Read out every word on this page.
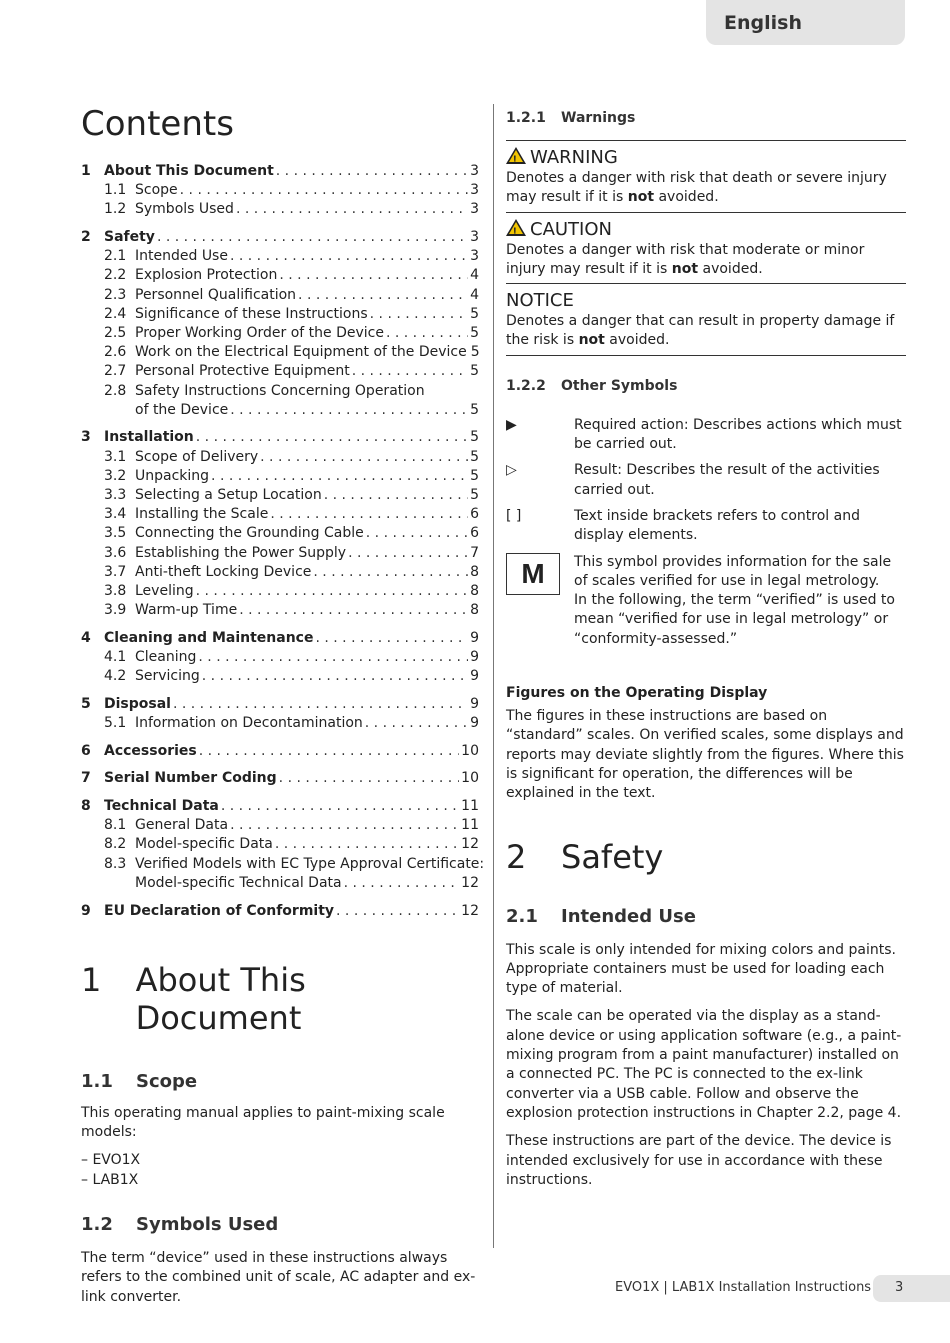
English
Contents
1 About This Document . . .	3
1.1 Scope . . .	3
1.2 Symbols Used . . .	3
2 Safety . . .	3
2.1 Intended Use . . .	3
2.2 Explosion Protection . . .	4
2.3 Personnel Qualification . . .	4
2.4 Significance of these Instructions . . .	5
2.5 Proper Working Order of the Device . . .	5
2.6 Work on the Electrical Equipment of the Device 5
2.7 Personal Protective Equipment . . .	5
2.8 Safety Instructions Concerning Operation
of the Device . . .	5
3 Installation . . .	5
3.1 Scope of Delivery . . .	5
3.2 Unpacking . . .	5
3.3 Selecting a Setup Location . . .	5
3.4 Installing the Scale . . .	6
3.5 Connecting the Grounding Cable . . .	6
3.6 Establishing the Power Supply . . .	7
3.7 Anti-theft Locking Device . . .	8
3.8 Leveling . . .	8
3.9 Warm-up Time . . .	8
4 Cleaning and Maintenance . . .	9
4.1 Cleaning . . .	9
4.2 Servicing . . .	9
5 Disposal . . .	9
5.1 Information on Decontamination . . .	9
6 Accessories . . .	10
7 Serial Number Coding . . .	10
8 Technical Data . . .	11
8.1 General Data . . .	11
8.2 Model-specific Data . . .	12
8.3 Verified Models with EC Type Approval Certificate:
Model-specific Technical Data . . .	12
9 EU Declaration of Conformity . . .	12
1	About This Document
1.1	Scope
This operating manual applies to paint-mixing scale models:
– EVO1X
– LAB1X
1.2	Symbols Used
The term “device” used in these instructions always refers to the combined unit of scale, AC adapter and ex-link converter.
1.2.1	Warnings
!WARNING
Denotes a danger with risk that death or severe injury may result if it is not avoided.
!CAUTION
Denotes a danger with risk that moderate or minor injury may result if it is not avoided.
NOTICE
Denotes a danger that can result in property damage if the risk is not avoided.
1.2.2	Other Symbols
▶	Required action: Describes actions which must be carried out.
▷	Result: Describes the result of the activities carried out.
[ ]	Text inside brackets refers to control and display elements.
M	This symbol provides information for the sale of scales verified for use in legal metrology.
In the following, the term “verified” is used to mean “verified for use in legal metrology” or “conformity-assessed.”
Figures on the Operating Display
The figures in these instructions are based on “standard” scales. On verified scales, some displays and reports may deviate slightly from the figures. Where this is significant for operation, the differences will be explained in the text.
2	Safety
2.1	Intended Use
This scale is only intended for mixing colors and paints. Appropriate containers must be used for loading each type of material.
The scale can be operated via the display as a stand-alone device or using application software (e.g., a paint-mixing program from a paint manufacturer) installed on a connected PC. The PC is connected to the ex-link converter via a USB cable. Follow and observe the explosion protection instructions in Chapter 2.2, page 4.
These instructions are part of the device. The device is intended exclusively for use in accordance with these instructions.
EVO1X | LAB1X Installation Instructions 3
